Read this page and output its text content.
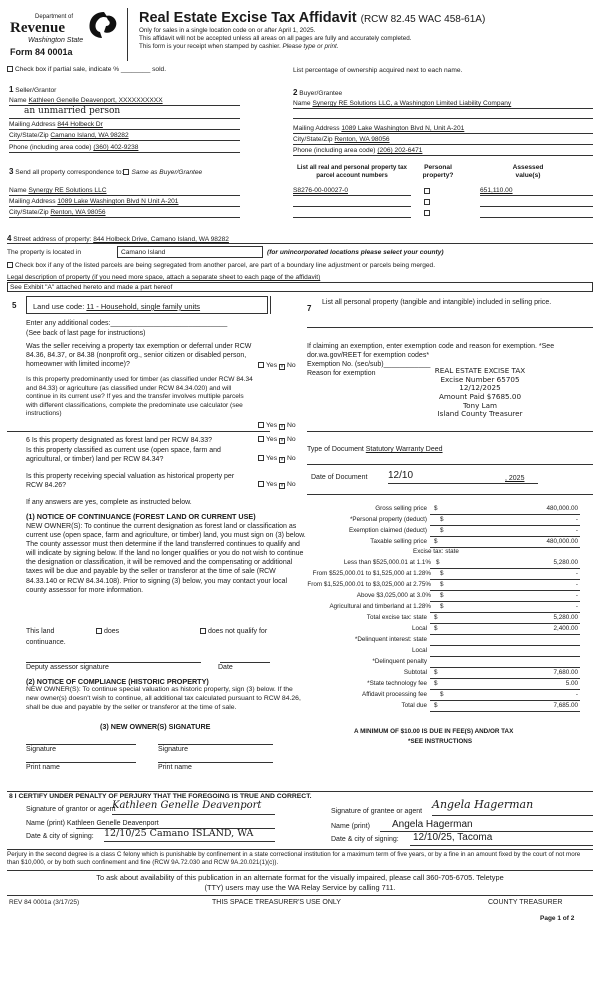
Department of
Revenue
Washington State
Form 84 0001a
Real Estate Excise Tax Affidavit (RCW 82.45 WAC 458-61A)
Only for sales in a single location code on or after April 1, 2025.
This affidavit will not be accepted unless all areas on all pages are fully and accurately completed.
This form is your receipt when stamped by cashier. Please type or print.
Check box if partial sale, indicate % ________ sold.	List percentage of ownership acquired next to each name.
1 Seller/Grantor
Name Kathleen Genelle Deavenport, XXXXXXXXXX
an unmarried person
Mailing Address 844 Holbeck Dr
City/State/Zip Camano Island, WA 98282
Phone (including area code) (360) 402-9238
2 Buyer/Grantee
Name Synergy RE Solutions LLC, a Washington Limited Liability Company
Mailing Address 1089 Lake Washington Blvd N, Unit A-201
City/State/Zip Renton, WA 98056
Phone (including area code) (206) 202-6471
3 Send all property correspondence to: Same as Buyer/Grantee
Name Synergy RE Solutions LLC
Mailing Address 1089 Lake Washington Blvd N Unit A-201
City/State/Zip Renton, WA 98056
List all real and personal property tax
parcel account numbers
Personal
property?
Assessed
value(s)
S8276-00-00027-0	651,110.00
4 Street address of property: 844 Holbeck Drive, Camano Island, WA 98282
The property is located in	Camano Island	(for unincorporated locations please select your county)
Check box if any of the listed parcels are being segregated from another parcel, are part of a boundary line adjustment or parcels being merged.
Legal description of property (if you need more space, attach a separate sheet to each page of the affidavit)
See Exhibit "A" attached hereto and made a part hereof
5	Land use code: 11 - Household, single family units
Enter any additional codes:______________________________
(See back of last page for instructions)
Was the seller receiving a property tax exemption or deferral under RCW 84.36, 84.37, or 84.38 (nonprofit org., senior citizen or disabled person, homeowner with limited income)?	Yes × No
Is this property predominantly used for timber (as classified under RCW 84.34 and 84.33) or agriculture (as classified under RCW 84.34.020) and will continue in its current use? If yes and the transfer involves multiple parcels with different classifications, complete the predominate use calculator (see instructions)
Yes × No
6 Is this property designated as forest land per RCW 84.33?	Yes × No
Is this property classified as current use (open space, farm and agricultural, or timber) land per RCW 84.34?	Yes × No
Is this property receiving special valuation as historical property per RCW 84.26?	Yes × No
If any answers are yes, complete as instructed below.
(1) NOTICE OF CONTINUANCE (FOREST LAND OR CURRENT USE)
NEW OWNER(S): To continue the current designation as forest land or classification as current use (open space, farm and agriculture, or timber) land, you must sign on (3) below. The county assessor must then determine if the land transferred continues to qualify and will indicate by signing below. If the land no longer qualifies or you do not wish to continue the designation or classification, it will be removed and the compensating or additional taxes will be due and payable by the seller or transferor at the time of sale (RCW 84.33.140 or RCW 84.34.108). Prior to signing (3) below, you may contact your local county assessor for more information.
This land	does	does not qualify for
continuance.
Deputy assessor signature	Date
(2) NOTICE OF COMPLIANCE (HISTORIC PROPERTY)
NEW OWNER(S): To continue special valuation as historic property, sign (3) below. If the new owner(s) doesn't wish to continue, all additional tax calculated pursuant to RCW 84.26, shall be due and payable by the seller or transferor at the time of sale.
(3) NEW OWNER(S) SIGNATURE
Signature	Signature
Print name	Print name
7
List all personal property (tangible and intangible) included in selling price.
If claiming an exemption, enter exemption code and reason for exemption. *See dor.wa.gov/REET for exemption codes*
Exemption No. (sec/sub)____________
Reason for exemption	REAL ESTATE EXCISE TAX
Excise Number 65705
12/12/2025
Amount Paid $7685.00
Tony Lam
Island County Treasurer
Type of Document Statutory Warranty Deed
Date of Document 12/10	, 2025
Gross selling price $	480,000.00
*Personal property (deduct) $	-
Exemption claimed (deduct) $	-
Taxable selling price $	480,000.00
Less than $525,000.01 at 1.1% $	5,280.00
From $525,000.01 to $1,525,000 at 1.28% $	-
From $1,525,000.01 to $3,025,000 at 2.75% $	-
Above $3,025,000 at 3.0% $	-
Agricultural and timberland at 1.28% $	-
Total excise tax: state $	5,280.00
Local $	2,400.00
*Delinquent interest: state
Local
*Delinquent penalty
Subtotal $	7,680.00
*State technology fee $	5.00
Affidavit processing fee $	-
Total due $	7,685.00
Excise tax: state
A MINIMUM OF $10.00 IS DUE IN FEE(S) AND/OR TAX
*SEE INSTRUCTIONS
8 I CERTIFY UNDER PENALTY OF PERJURY THAT THE FOREGOING IS TRUE AND CORRECT.
Signature of grantor or agent
Kathleen Genelle Deavenport
Name (print) Kathleen Genelle Deavenport
Date & city of signing: 12/10/25 Camano ISLAND, WA
Signature of grantee or agent
Angela Hagerman
Name (print) Angela Hagerman
Date & city of signing: 12/10/25, Tacoma
Perjury in the second degree is a class C felony which is punishable by confinement in a state correctional institution for a maximum term of five years, or by a fine in an amount fixed by the court of not more than $10,000, or by both such confinement and fine (RCW 9A.72.030 and RCW 9A.20.021(1)(c)).
To ask about availability of this publication in an alternate format for the visually impaired, please call 360-705-6705. Teletype
(TTY) users may use the WA Relay Service by calling 711.
REV 84 0001a (3/17/25)	THIS SPACE TREASURER'S USE ONLY	COUNTY TREASURER
Page 1 of 2
